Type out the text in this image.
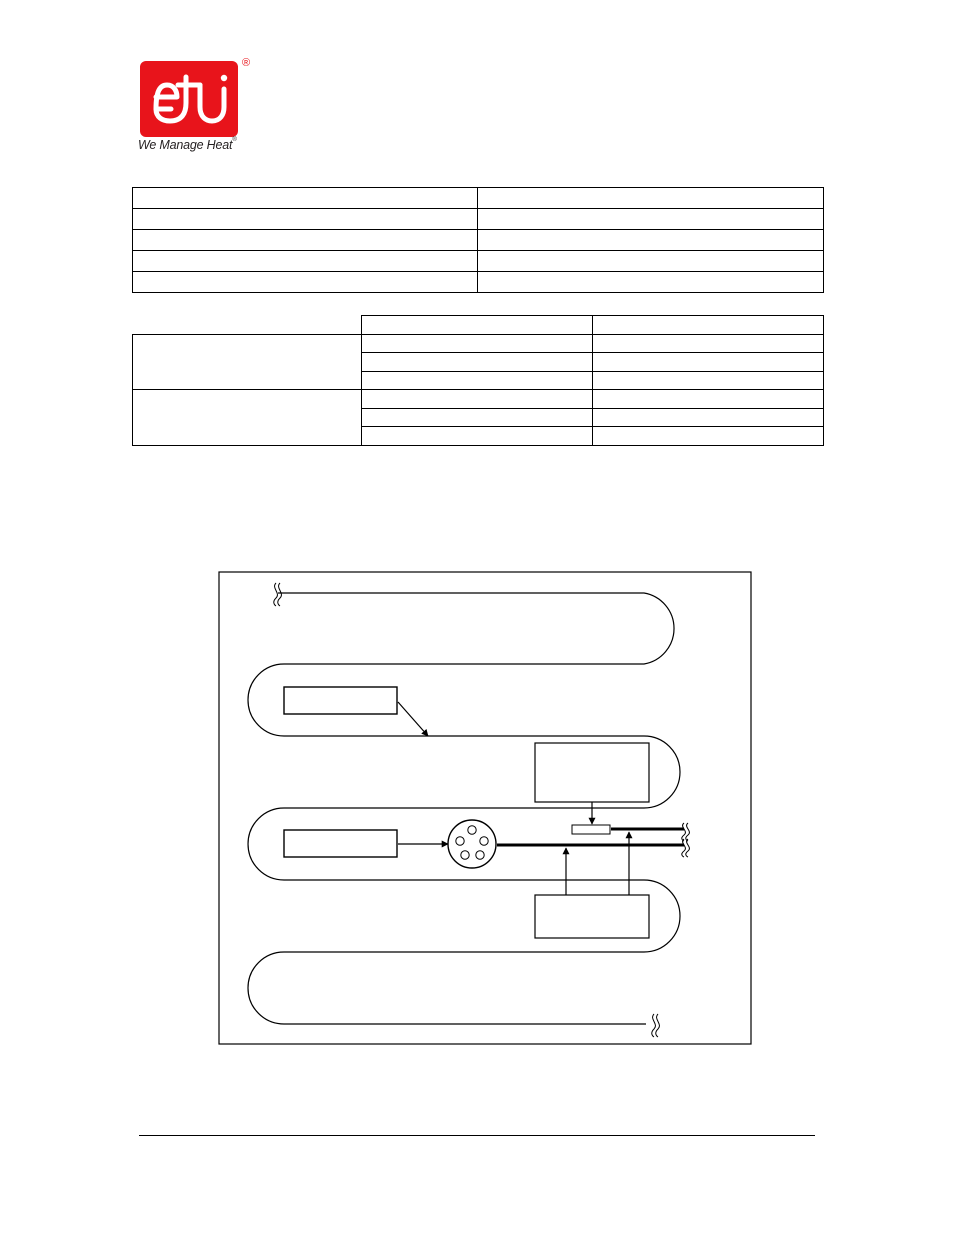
®
We Manage Heat®
